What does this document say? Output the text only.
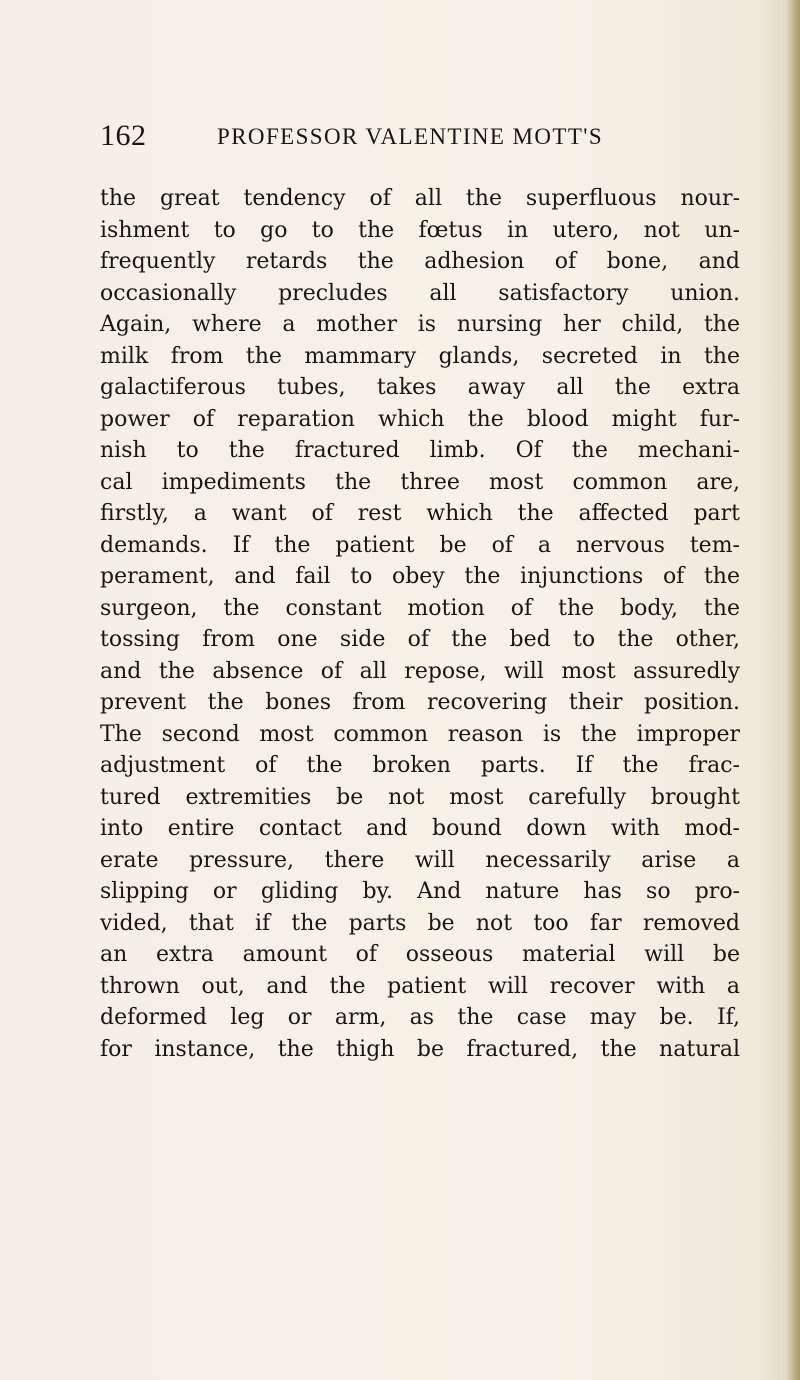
162	PROFESSOR VALENTINE MOTT'S
the great tendency of all the superfluous nour-
ishment to go to the fœtus in utero, not un-
frequently retards the adhesion of bone, and
occasionally precludes all satisfactory union.
Again, where a mother is nursing her child, the
milk from the mammary glands, secreted in the
galactiferous tubes, takes away all the extra
power of reparation which the blood might fur-
nish to the fractured limb. Of the mechani-
cal impediments the three most common are,
firstly, a want of rest which the affected part
demands. If the patient be of a nervous tem-
perament, and fail to obey the injunctions of the
surgeon, the constant motion of the body, the
tossing from one side of the bed to the other,
and the absence of all repose, will most assuredly
prevent the bones from recovering their position.
The second most common reason is the improper
adjustment of the broken parts. If the frac-
tured extremities be not most carefully brought
into entire contact and bound down with mod-
erate pressure, there will necessarily arise a
slipping or gliding by. And nature has so pro-
vided, that if the parts be not too far removed
an extra amount of osseous material will be
thrown out, and the patient will recover with a
deformed leg or arm, as the case may be. If,
for instance, the thigh be fractured, the natural
